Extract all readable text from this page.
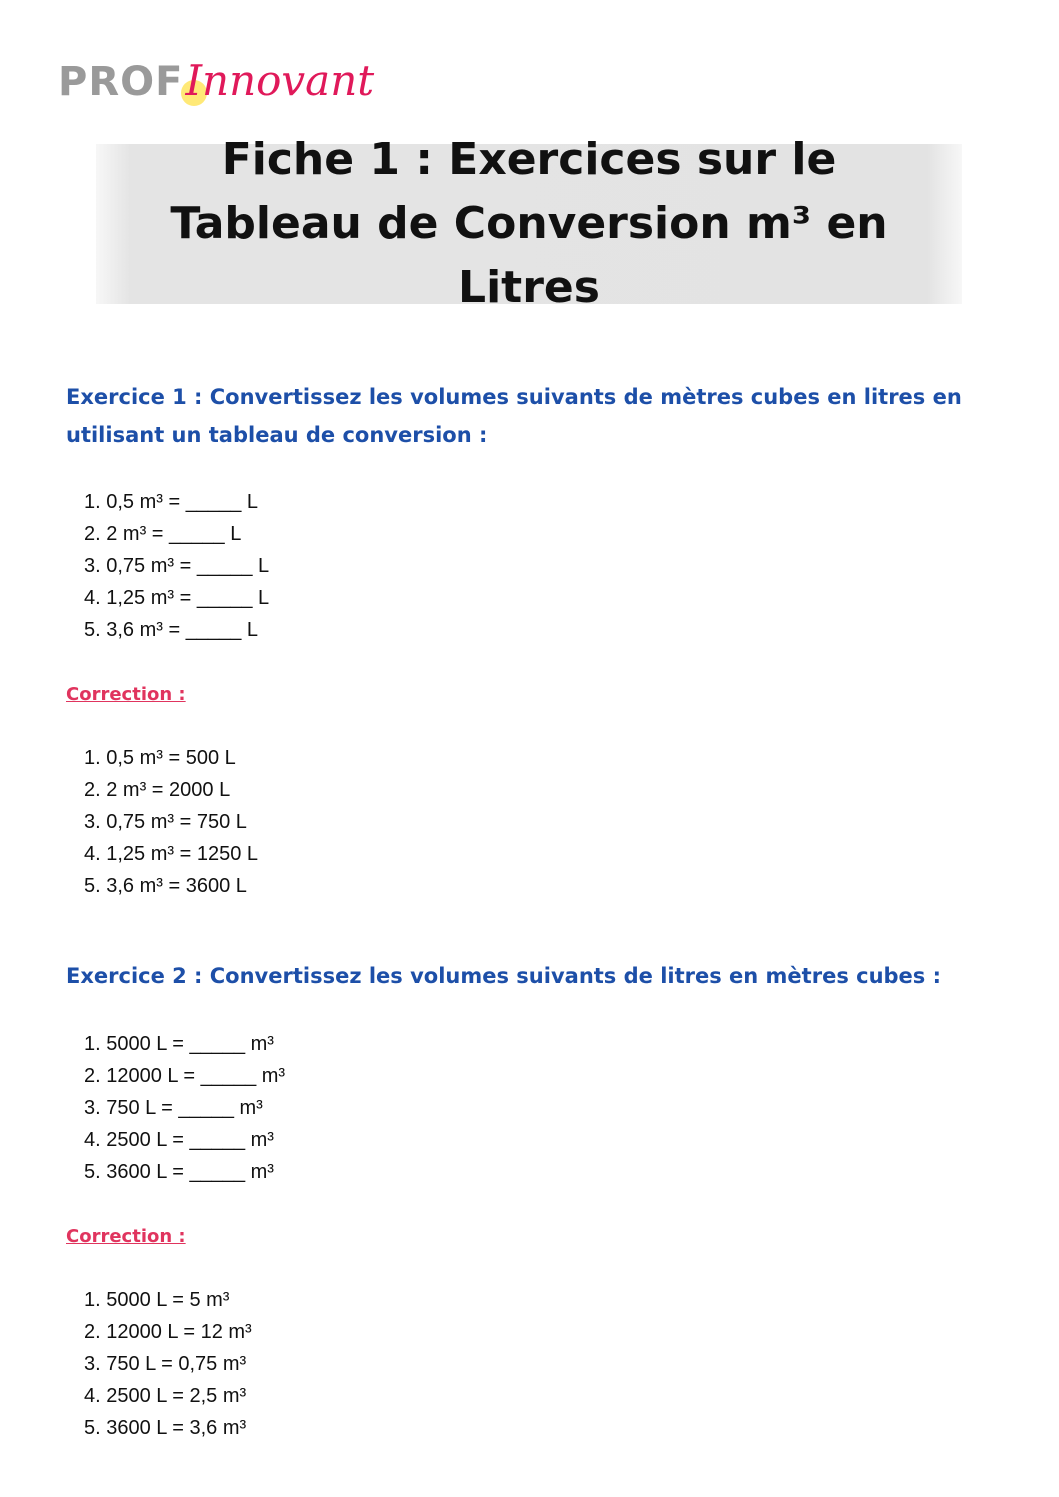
PROF Innovant
Fiche 1 : Exercices sur le Tableau de Conversion m³ en Litres
Exercice 1 : Convertissez les volumes suivants de mètres cubes en litres en utilisant un tableau de conversion :
1. 0,5 m³ = _____ L
2. 2 m³ = _____ L
3. 0,75 m³ = _____ L
4. 1,25 m³ = _____ L
5. 3,6 m³ = _____ L

Correction :

1. 0,5 m³ = 500 L
2. 2 m³ = 2000 L
3. 0,75 m³ = 750 L
4. 1,25 m³ = 1250 L
5. 3,6 m³ = 3600 L
Exercice 2 : Convertissez les volumes suivants de litres en mètres cubes :
1. 5000 L = _____ m³
2. 12000 L = _____ m³
3. 750 L = _____ m³
4. 2500 L = _____ m³
5. 3600 L = _____ m³

Correction :

1. 5000 L = 5 m³
2. 12000 L = 12 m³
3. 750 L = 0,75 m³
4. 2500 L = 2,5 m³
5. 3600 L = 3,6 m³
